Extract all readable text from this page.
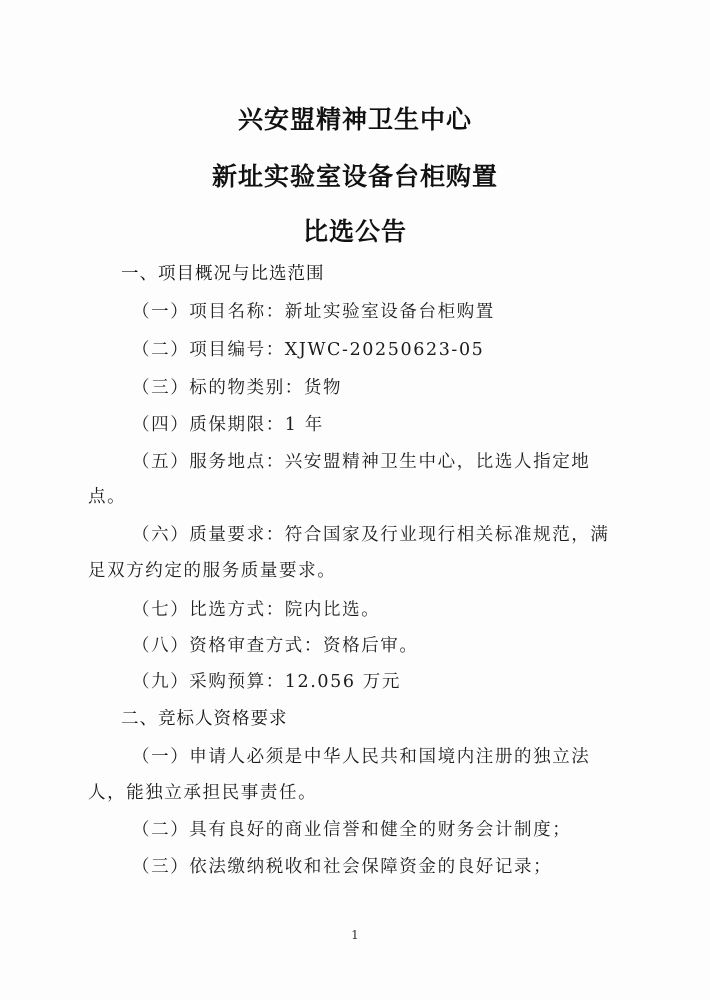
兴安盟精神卫生中心
新址实验室设备台柜购置
比选公告
一、项目概况与比选范围
（一）项目名称：新址实验室设备台柜购置
（二）项目编号：XJWC-20250623-05
（三）标的物类别：货物
（四）质保期限：1 年
（五）服务地点：兴安盟精神卫生中心，比选人指定地
点。
（六）质量要求：符合国家及行业现行相关标准规范，满
足双方约定的服务质量要求。
（七）比选方式：院内比选。
（八）资格审查方式：资格后审。
（九）采购预算：12.056 万元
二、竞标人资格要求
（一）申请人必须是中华人民共和国境内注册的独立法
人，能独立承担民事责任。
（二）具有良好的商业信誉和健全的财务会计制度；
（三）依法缴纳税收和社会保障资金的良好记录；
1
